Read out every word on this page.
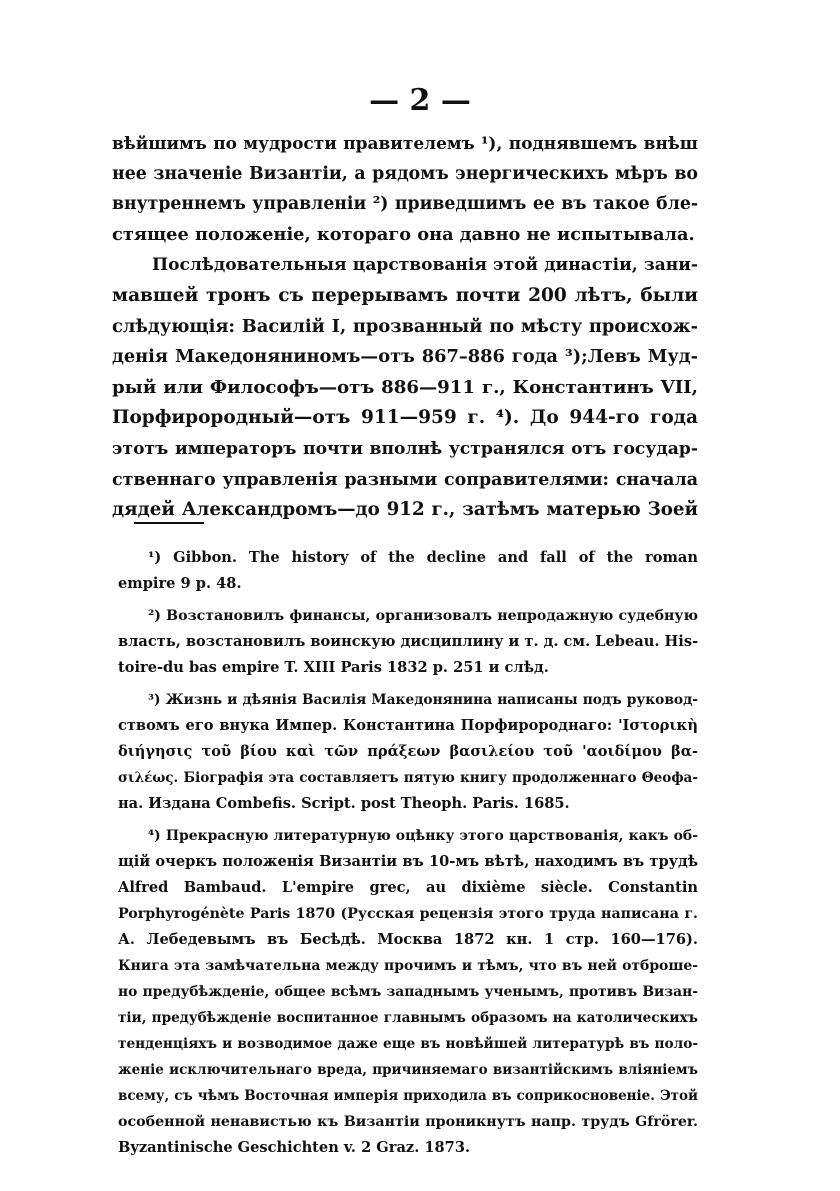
— 2 —
вѣйшимъ по мудрости правителемъ ¹), поднявшемъ внѣш
нее значеніе Византіи, а рядомъ энергическихъ мѣръ во
внутреннемъ управленіи ²) приведшимъ ее въ такое бле-
стящее положеніе, котораго она давно не испытывала.
Послѣдовательныя царствованія этой династіи, зани-
мавшей тронъ съ перерывамъ почти 200 лѣтъ, были
слѣдующія: Василій I, прозванный по мѣсту происхож-
денія Македоняниномъ—отъ 867–886 года ³);Левъ Муд-
рый или Философъ—отъ 886—911 г., Константинъ VII,
Порфирородный—отъ 911—959 г. ⁴). До 944-го года
этотъ императоръ почти вполнѣ устранялся отъ государ-
ственнаго управленія разными соправителями: сначала
дядей Александромъ—до 912 г., затѣмъ матерью Зоей
¹) Gibbon. The history of the decline and fall of the roman
empire 9 p. 48.
²) Возстановилъ финансы, организовалъ непродажную судебную
власть, возстановилъ воинскую дисциплину и т. д. см. Lebeau. His-
toire-du bas empire T. XIII Paris 1832 p. 251 и слѣд.
³) Жизнь и дѣянія Василія Македонянина написаны подъ руковод-
ствомъ его внука Импер. Константина Порфиророднаго: 'Ιστορικὴ
διήγησις τοῦ βίου καὶ τῶν πράξεων βασιλείου τοῦ 'αοιδίμου βα-
σιλέως. Біографія эта составляетъ пятую книгу продолженнаго Θеофа-
на. Издана Combefis. Script. post Theoph. Paris. 1685.
⁴) Прекрасную литературную оцѣнку этого царствованія, какъ об-
щій очеркъ положенія Византіи въ 10-мъ вѣтѣ, находимъ въ трудѣ
Alfred Bambaud. L'empire grec, au dixième siècle. Constantin
Porphyrogénète Paris 1870 (Русская рецензія этого труда написана г.
А. Лебедевымъ въ Бесѣдѣ. Москва 1872 кн. 1 стр. 160—176).
Книга эта замѣчательна между прочимъ и тѣмъ, что въ ней отброше-
но предубѣжденіе, общее всѣмъ западнымъ ученымъ, противъ Визан-
тіи, предубѣжденіе воспитанное главнымъ образомъ на католическихъ
тенденціяхъ и возводимое даже еще въ новѣйшей литературѣ въ поло-
женіе исключительнаго вреда, причиняемаго византійскимъ вліяніемъ
всему, съ чѣмъ Восточная имперія приходила въ соприкосновеніе. Этой
особенной ненавистью къ Византіи проникнутъ напр. трудъ Gfrörer.
Byzantinische Geschichten v. 2 Graz. 1873.
